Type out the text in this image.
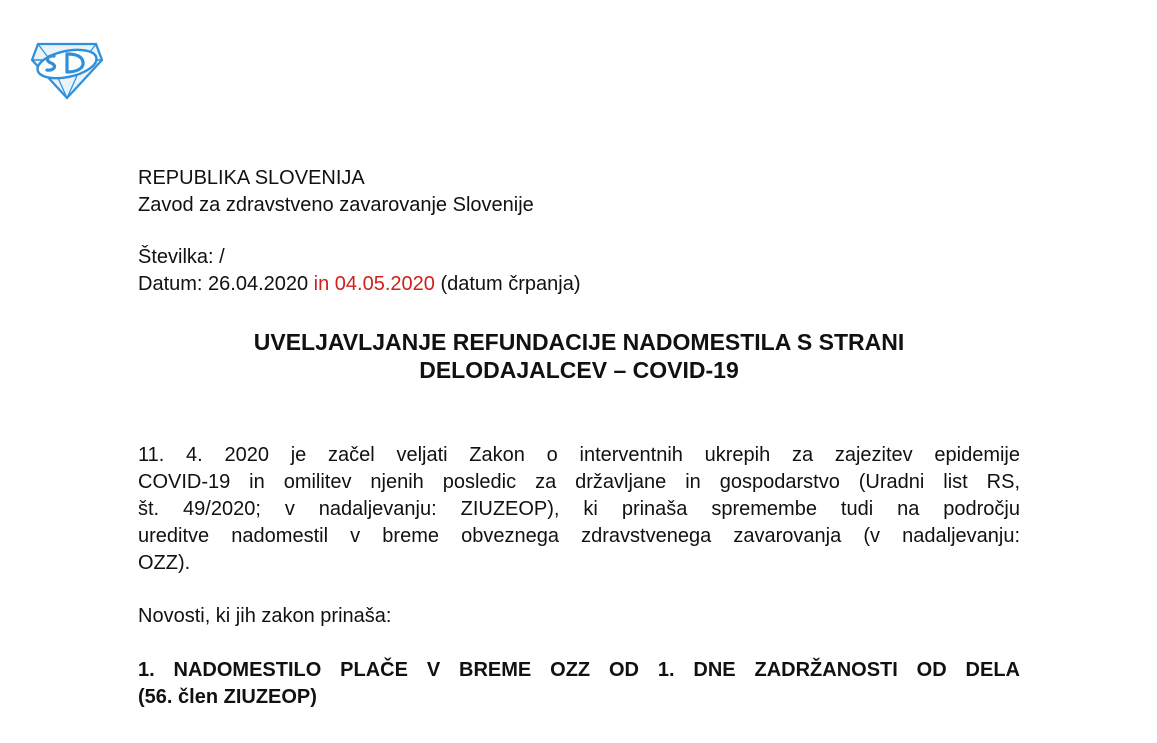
REPUBLIKA SLOVENIJA
Zavod za zdravstveno zavarovanje Slovenije
Številka: /
Datum: 26.04.2020 in 04.05.2020 (datum črpanja)
UVELJAVLJANJE REFUNDACIJE NADOMESTILA S STRANI
DELODAJALCEV – COVID-19
11. 4. 2020 je začel veljati Zakon o interventnih ukrepih za zajezitev epidemije
COVID-19 in omilitev njenih posledic za državljane in gospodarstvo (Uradni list RS,
št. 49/2020; v nadaljevanju: ZIUZEOP), ki prinaša spremembe tudi na področju
ureditve nadomestil v breme obveznega zdravstvenega zavarovanja (v nadaljevanju:
OZZ).
Novosti, ki jih zakon prinaša:
1. NADOMESTILO PLAČE V BREME OZZ OD 1. DNE ZADRŽANOSTI OD DELA
(56. člen ZIUZEOP)
